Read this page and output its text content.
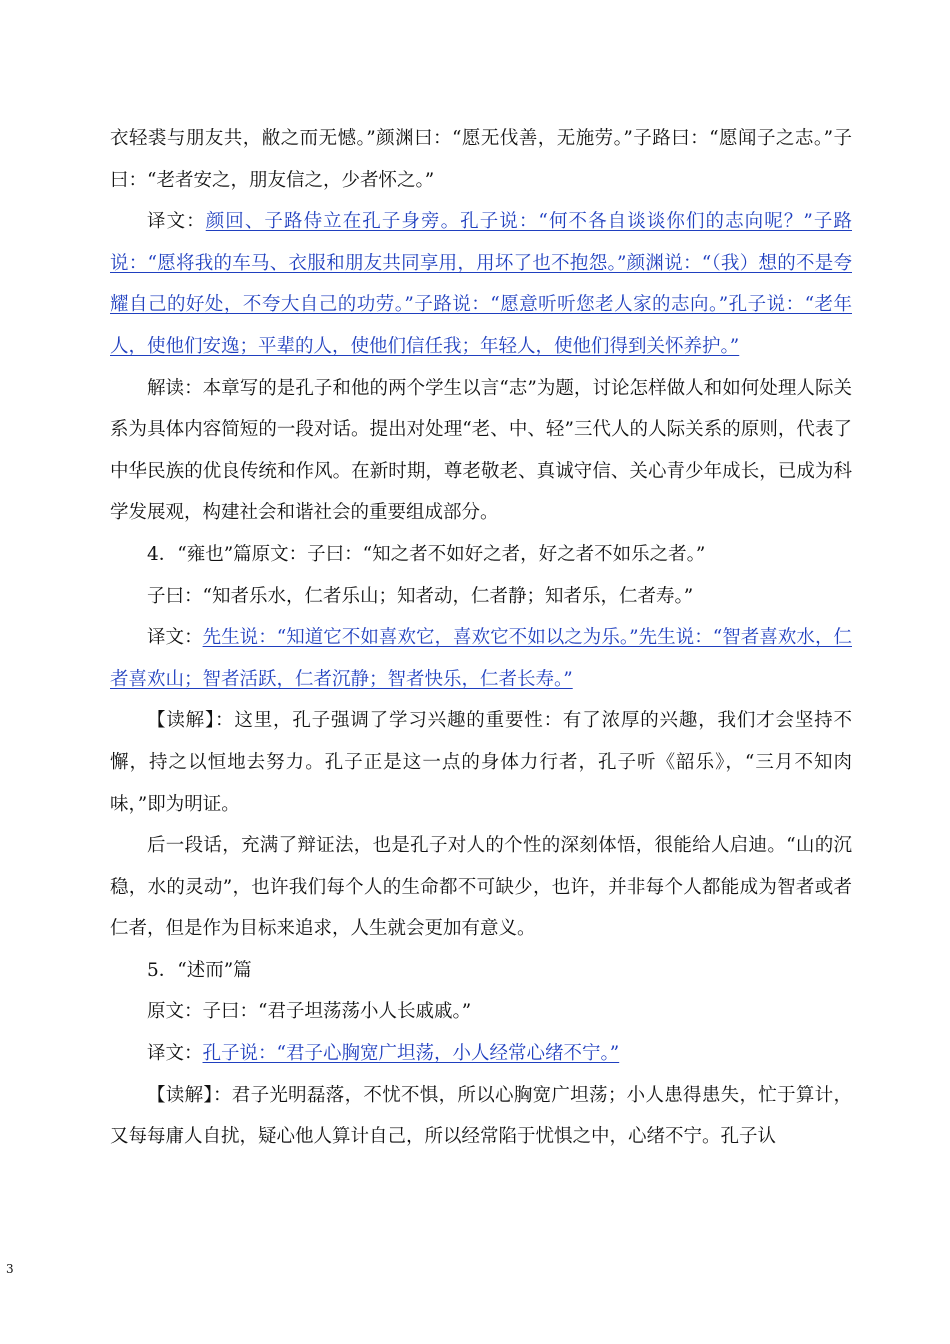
衣轻裘与朋友共，敝之而无憾。”颜渊曰：“愿无伐善，无施劳。”子路曰：“愿闻子之志。”子曰：“老者安之，朋友信之，少者怀之。”

译文：颜回、子路侍立在孔子身旁。孔子说：“何不各自谈谈你们的志向呢？”子路说：“愿将我的车马、衣服和朋友共同享用，用坏了也不抱怨。”颜渊说：“（我）想的不是夸耀自己的好处，不夸大自己的功劳。”子路说：“愿意听听您老人家的志向。”孔子说：“老年人，使他们安逸；平辈的人，使他们信任我；年轻人，使他们得到关怀养护。”

解读：本章写的是孔子和他的两个学生以言“志”为题，讨论怎样做人和如何处理人际关系为具体内容简短的一段对话。提出对处理“老、中、轻”三代人的人际关系的原则，代表了中华民族的优良传统和作风。在新时期，尊老敬老、真诚守信、关心青少年成长，已成为科学发展观，构建社会和谐社会的重要组成部分。

4．“雍也”篇原文：子曰：“知之者不如好之者，好之者不如乐之者。”

子曰：“知者乐水，仁者乐山；知者动，仁者静；知者乐，仁者寿。”

译文：先生说：“知道它不如喜欢它，喜欢它不如以之为乐。”先生说：“智者喜欢水，仁者喜欢山；智者活跃，仁者沉静；智者快乐，仁者长寿。”

【读解】：这里，孔子强调了学习兴趣的重要性：有了浓厚的兴趣，我们才会坚持不懈，持之以恒地去努力。孔子正是这一点的身体力行者，孔子听《韶乐》，“三月不知肉味，”即为明证。

后一段话，充满了辩证法，也是孔子对人的个性的深刻体悟，很能给人启迪。“山的沉稳，水的灵动”，也许我们每个人的生命都不可缺少，也许，并非每个人都能成为智者或者仁者，但是作为目标来追求，人生就会更加有意义。

5．“述而”篇

原文：子曰：“君子坦荡荡小人长戚戚。”

译文：孔子说：“君子心胸宽广坦荡，小人经常心绪不宁。”

【读解】：君子光明磊落，不忧不惧，所以心胸宽广坦荡；小人患得患失，忙于算计，又每每庸人自扰，疑心他人算计自己，所以经常陷于忧惧之中，心绪不宁。孔子认

3
